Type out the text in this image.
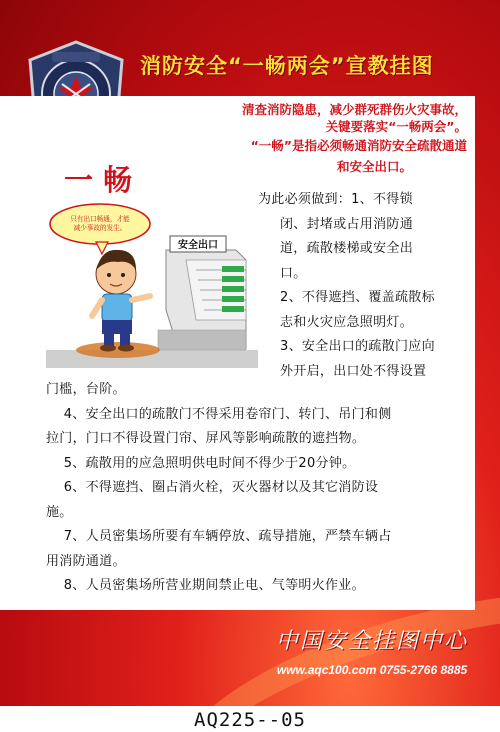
消防安全“一畅两会”宣教挂图
清查消防隐患，减少群死群伤火灾事故，
关键要落实“一畅两会”。
“一畅”是指必须畅通消防安全疏散通道
和安全出口。
一畅
只有出口畅通，才能
减少事故的发生。
安全出口
为此必须做到：1、不得锁
闭、封堵或占用消防通
道，疏散楼梯或安全出
口。
2、不得遮挡、覆盖疏散标
志和火灾应急照明灯。
3、安全出口的疏散门应向
外开启，出口处不得设置
门槛，台阶。
4、安全出口的疏散门不得采用卷帘门、转门、吊门和侧
拉门，门口不得设置门帘、屏风等影响疏散的遮挡物。
5、疏散用的应急照明供电时间不得少于20分钟。
6、不得遮挡、圈占消火栓，灭火器材以及其它消防设
施。
7、人员密集场所要有车辆停放、疏导措施，严禁车辆占
用消防通道。
8、人员密集场所营业期间禁止电、气等明火作业。
中国安全挂图中心
www.aqc100.com 0755-2766 8885
AQ225--05
